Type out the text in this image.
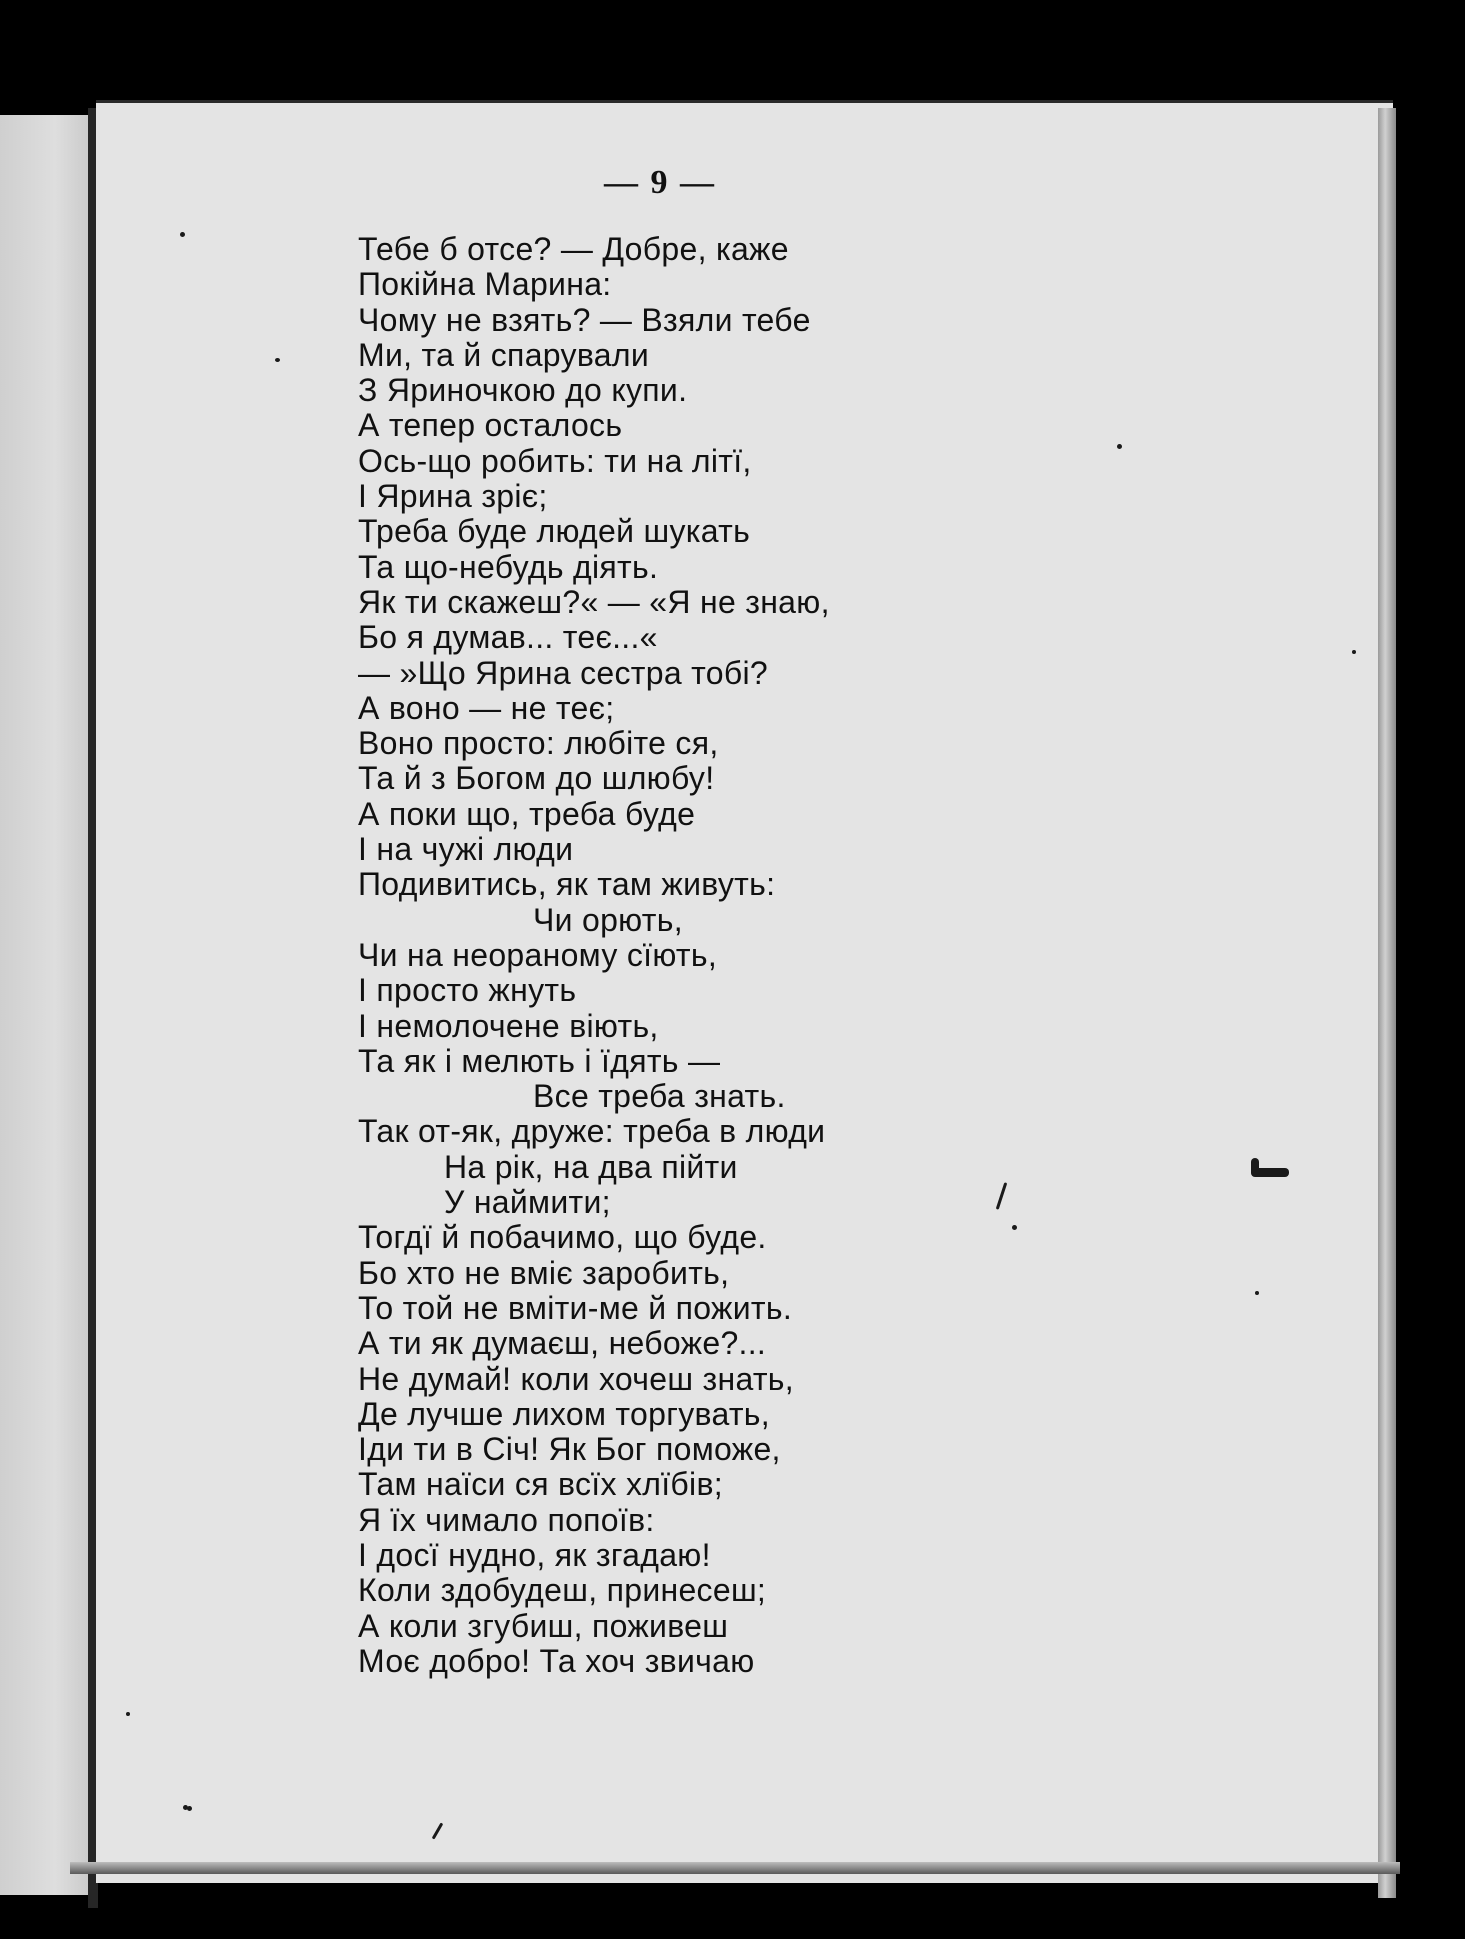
— 9 —
Тебе б отсе? — Добре, каже
Покійна Марина:
Чому не взять? — Взяли тебе
Ми, та й спарували
З Яриночкою до купи.
А тепер осталось
Ось-що робить: ти на літї,
І Ярина зріє;
Треба буде людей шукать
Та що-небудь діять.
Як ти скажеш?« — «Я не знаю,
Бо я думав... теє...«
— »Що Ярина сестра тобі?
А воно — не теє;
Воно просто: любіте ся,
Та й з Богом до шлюбу!
А поки що, треба буде
І на чужі люди
Подивитись, як там живуть:
Чи орють,
Чи на неораному сїють,
І просто жнуть
І немолочене віють,
Та як і мелють і їдять —
Все треба знать.
Так от-як, друже: треба в люди
На рік, на два пійти
У наймити;
Тогдї й побачимо, що буде.
Бо хто не вміє заробить,
То той не вміти-ме й пожить.
А ти як думаєш, небоже?...
Не думай! коли хочеш знать,
Де лучше лихом торгувать,
Іди ти в Січ! Як Бог поможе,
Там наїси ся всїх хлїбів;
Я їх чимало попоїв:
І досї нудно, як згадаю!
Коли здобудеш, принесеш;
А коли згубиш, поживеш
Моє добро! Та хоч звичаю
